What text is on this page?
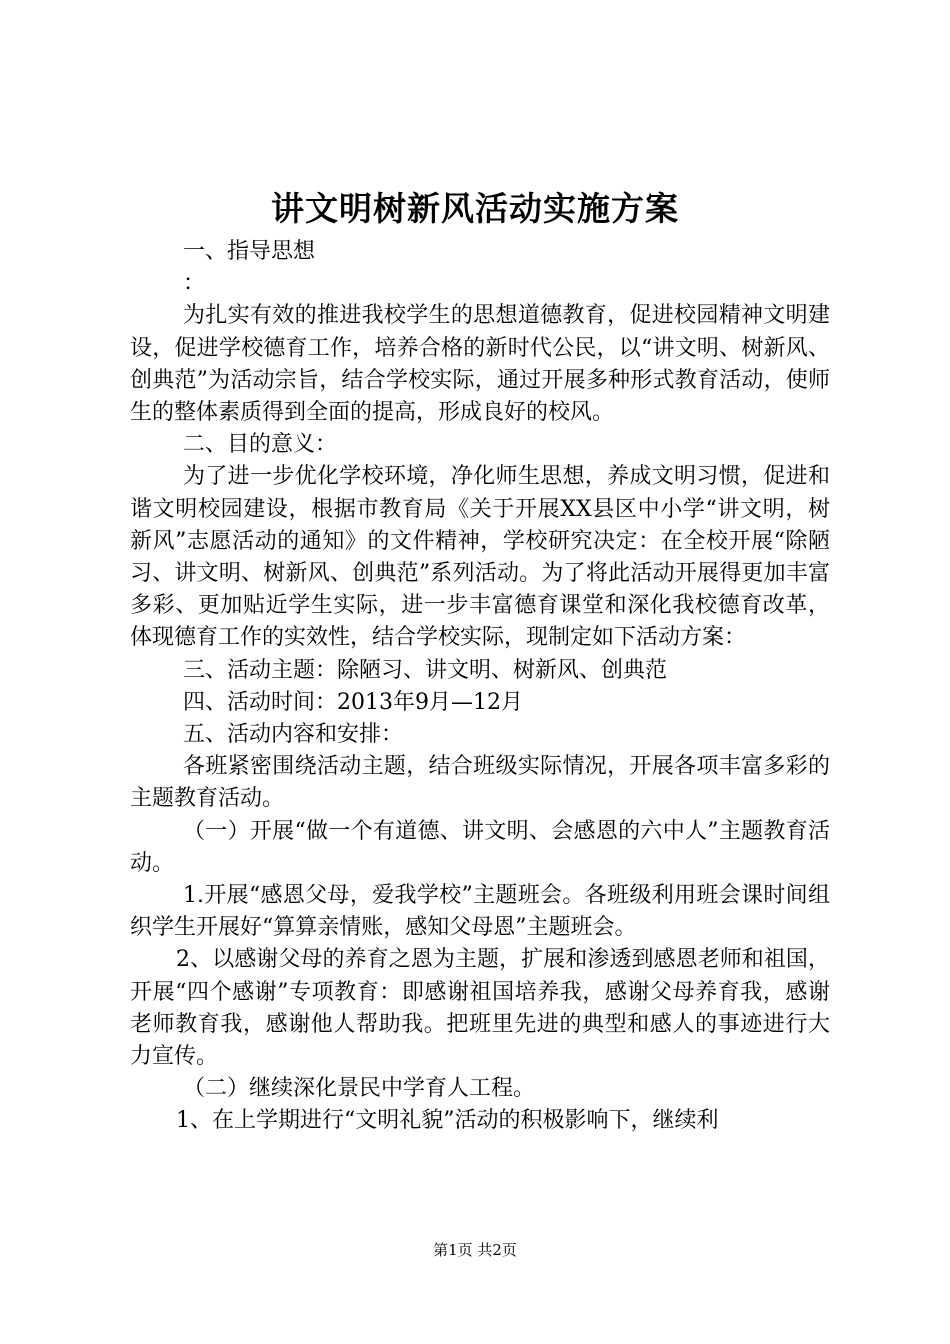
讲文明树新风活动实施方案

一、指导思想

：

为扎实有效的推进我校学生的思想道德教育，促进校园精神文明建设，促进学校德育工作，培养合格的新时代公民，以“讲文明、树新风、创典范”为活动宗旨，结合学校实际，通过开展多种形式教育活动，使师生的整体素质得到全面的提高，形成良好的校风。

二、目的意义：

为了进一步优化学校环境，净化师生思想，养成文明习惯，促进和谐文明校园建设，根据市教育局《关于开展XX县区中小学“讲文明，树新风”志愿活动的通知》的文件精神，学校研究决定：在全校开展“除陋习、讲文明、树新风、创典范”系列活动。为了将此活动开展得更加丰富多彩、更加贴近学生实际，进一步丰富德育课堂和深化我校德育改革，体现德育工作的实效性，结合学校实际，现制定如下活动方案：

三、活动主题：除陋习、讲文明、树新风、创典范

四、活动时间：2013年9月—12月

五、活动内容和安排：

各班紧密围绕活动主题，结合班级实际情况，开展各项丰富多彩的主题教育活动。

（一）开展“做一个有道德、讲文明、会感恩的六中人”主题教育活动。

1.开展“感恩父母，爱我学校”主题班会。各班级利用班会课时间组织学生开展好“算算亲情账，感知父母恩”主题班会。

2、以感谢父母的养育之恩为主题，扩展和渗透到感恩老师和祖国，开展“四个感谢”专项教育：即感谢祖国培养我，感谢父母养育我，感谢老师教育我，感谢他人帮助我。把班里先进的典型和感人的事迹进行大力宣传。

（二）继续深化景民中学育人工程。

1、在上学期进行“文明礼貌”活动的积极影响下，继续利

第1页 共2页
